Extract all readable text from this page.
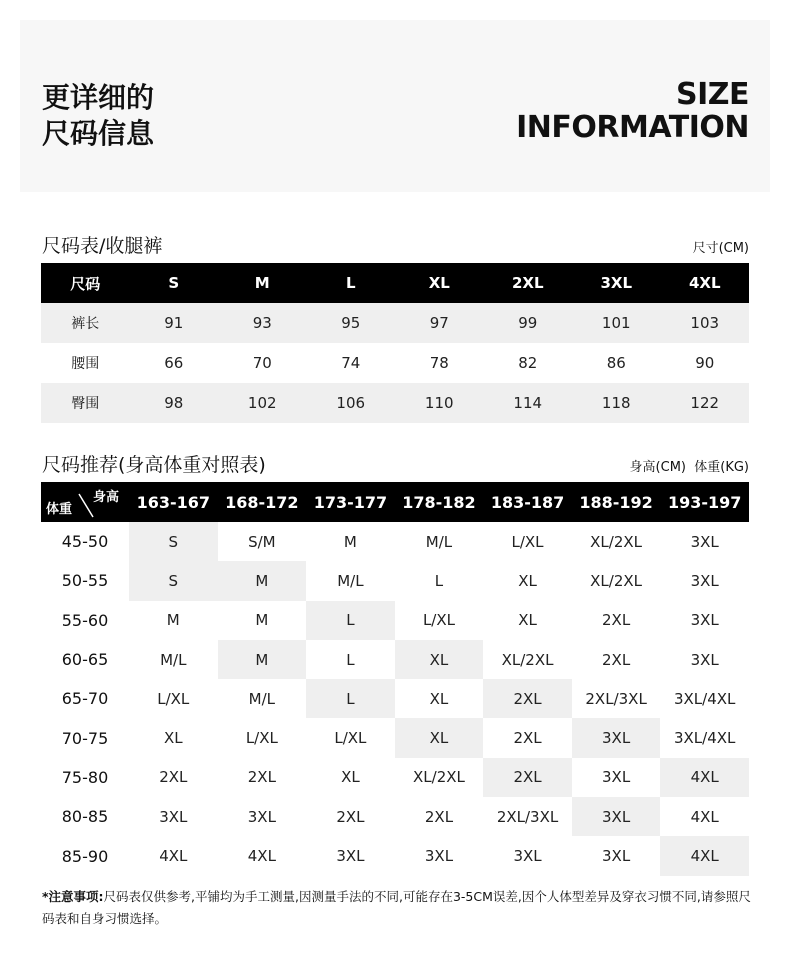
更详细的
尺码信息
SIZE
INFORMATION
尺码表/收腿裤	尺寸(CM)
尺码	S	M	L	XL	2XL	3XL	4XL
裤长	91	93	95	97	99	101	103
腰围	66	70	74	78	82	86	90
臀围	98	102	106	110	114	118	122
尺码推荐(身高体重对照表)	身高(CM) 体重(KG)
身高
体重	163-167	168-172	173-177	178-182	183-187	188-192	193-197
45-50	S	S/M	M	M/L	L/XL	XL/2XL	3XL
50-55	S	M	M/L	L	XL	XL/2XL	3XL
55-60	M	M	L	L/XL	XL	2XL	3XL
60-65	M/L	M	L	XL	XL/2XL	2XL	3XL
65-70	L/XL	M/L	L	XL	2XL	2XL/3XL	3XL/4XL
70-75	XL	L/XL	L/XL	XL	2XL	3XL	3XL/4XL
75-80	2XL	2XL	XL	XL/2XL	2XL	3XL	4XL
80-85	3XL	3XL	2XL	2XL	2XL/3XL	3XL	4XL
85-90	4XL	4XL	3XL	3XL	3XL	3XL	4XL
*注意事项:尺码表仅供参考,平铺均为手工测量,因测量手法的不同,可能存在3-5CM误差,因个人体型差异及穿衣习惯不同,请参照尺码表和自身习惯选择。
